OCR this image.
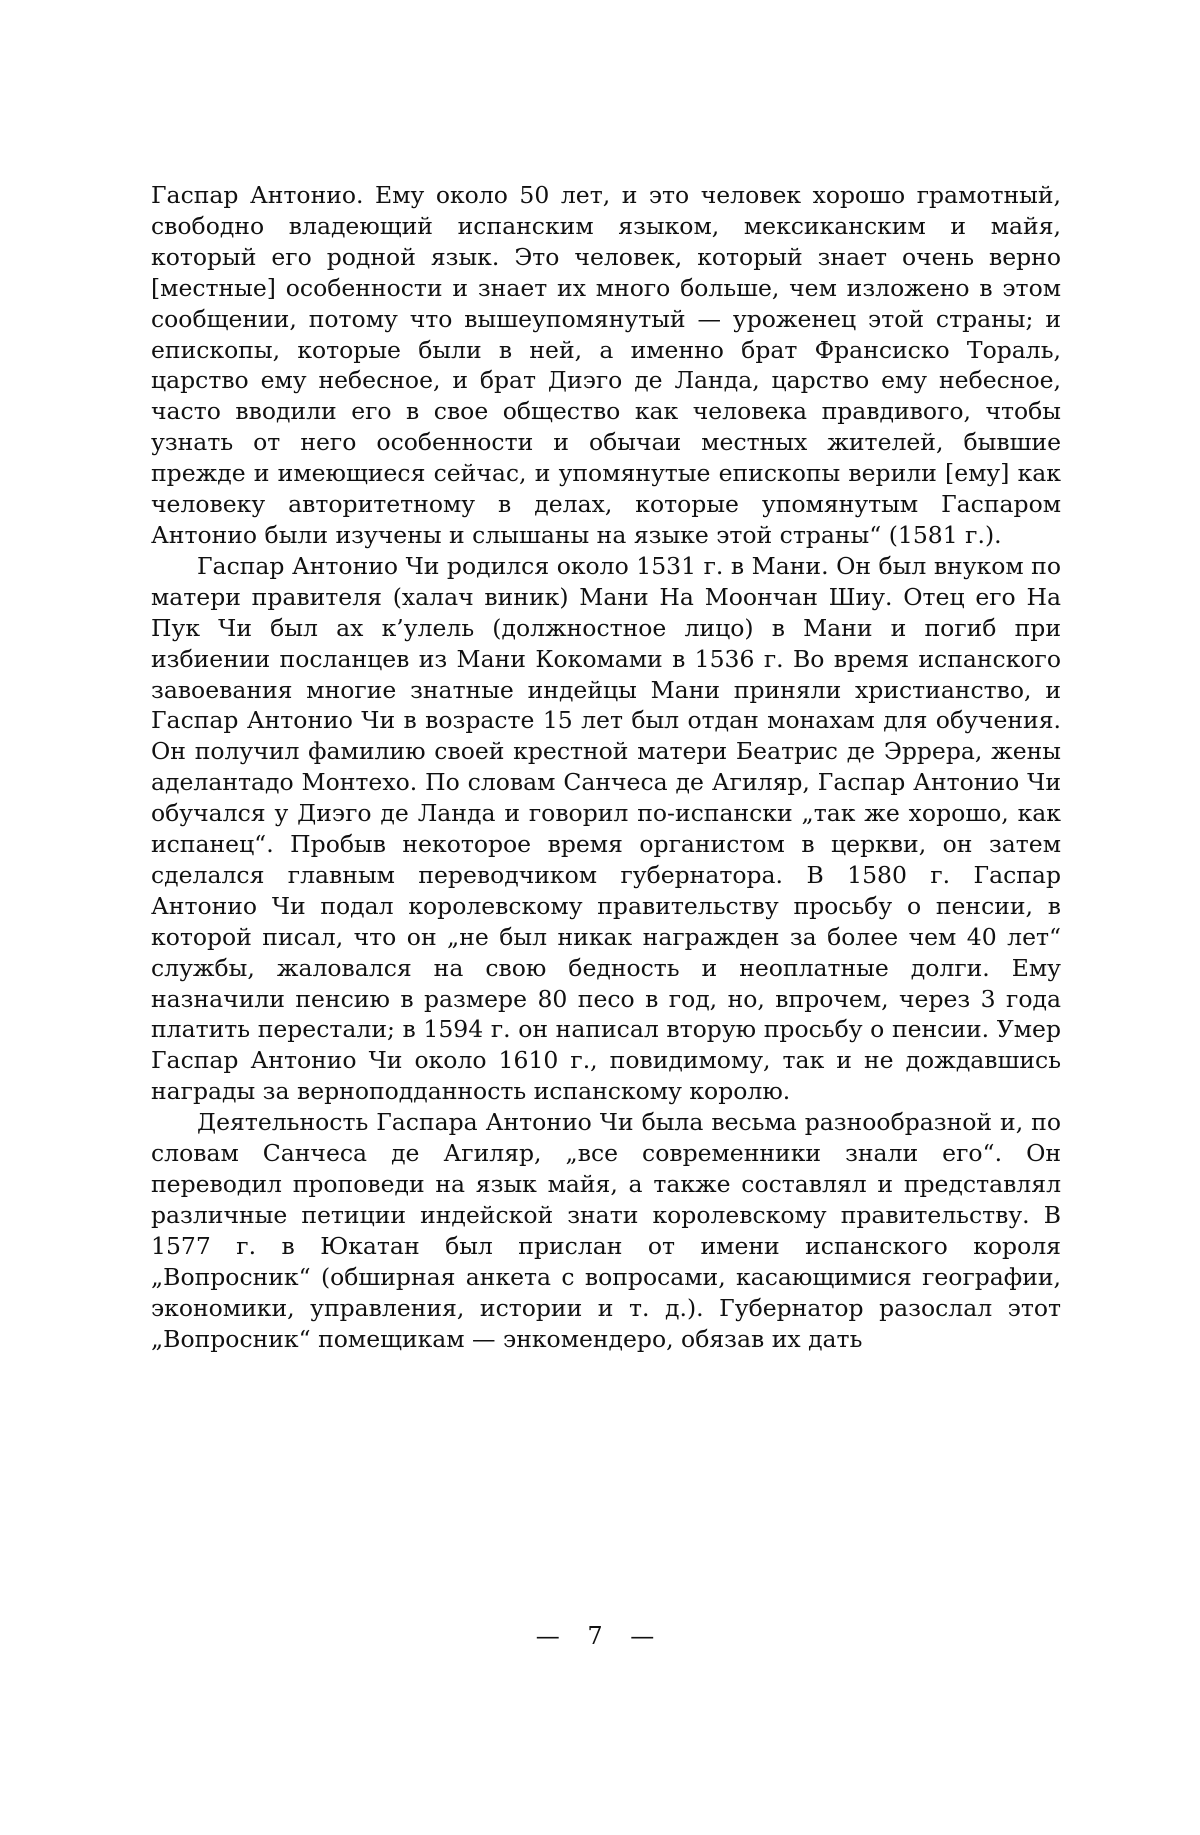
Гаспар Антонио. Ему около 50 лет, и это человек хорошо грамотный, свободно владеющий испанским языком, мексиканским и майя, который его родной язык. Это человек, который знает очень верно [местные] особенности и знает их много больше, чем изложено в этом сообщении, потому что вышеупомянутый — уроженец этой страны; и епископы, которые были в ней, а именно брат Франсиско Тораль, царство ему небесное, и брат Диэго де Ланда, царство ему небесное, часто вводили его в свое общество как человека правдивого, чтобы узнать от него особенности и обычаи местных жителей, бывшие прежде и имеющиеся сейчас, и упомянутые епископы верили [ему] как человеку авторитетному в делах, которые упомянутым Гаспаром Антонио были изучены и слышаны на языке этой страны“ (1581 г.).

Гаспар Антонио Чи родился около 1531 г. в Мани. Он был внуком по матери правителя (халач виник) Мани На Моончан Шиу. Отец его На Пук Чи был ах к’улель (должностное лицо) в Мани и погиб при избиении посланцев из Мани Кокомами в 1536 г. Во время испанского завоевания многие знатные индейцы Мани приняли христианство, и Гаспар Антонио Чи в возрасте 15 лет был отдан монахам для обучения. Он получил фамилию своей крестной матери Беатрис де Эррера, жены аделантадо Монтехо. По словам Санчеса де Агиляр, Гаспар Антонио Чи обучался у Диэго де Ланда и говорил по-испански „так же хорошо, как испанец“. Пробыв некоторое время органистом в церкви, он затем сделался главным переводчиком губернатора. В 1580 г. Гаспар Антонио Чи подал королевскому правительству просьбу о пенсии, в которой писал, что он „не был никак награжден за более чем 40 лет“ службы, жаловался на свою бедность и неоплатные долги. Ему назначили пенсию в размере 80 песо в год, но, впрочем, через 3 года платить перестали; в 1594 г. он написал вторую просьбу о пенсии. Умер Гаспар Антонио Чи около 1610 г., повидимому, так и не дождавшись награды за верноподданность испанскому королю.

Деятельность Гаспара Антонио Чи была весьма разнообразной и, по словам Санчеса де Агиляр, „все современники знали его“. Он переводил проповеди на язык майя, а также составлял и представлял различные петиции индейской знати королевскому правительству. В 1577 г. в Юкатан был прислан от имени испанского короля „Вопросник“ (обширная анкета с вопросами, касающимися географии, экономики, управления, истории и т. д.). Губернатор разослал этот „Вопросник“ помещикам — энкомендеро, обязав их дать

— 7 —
